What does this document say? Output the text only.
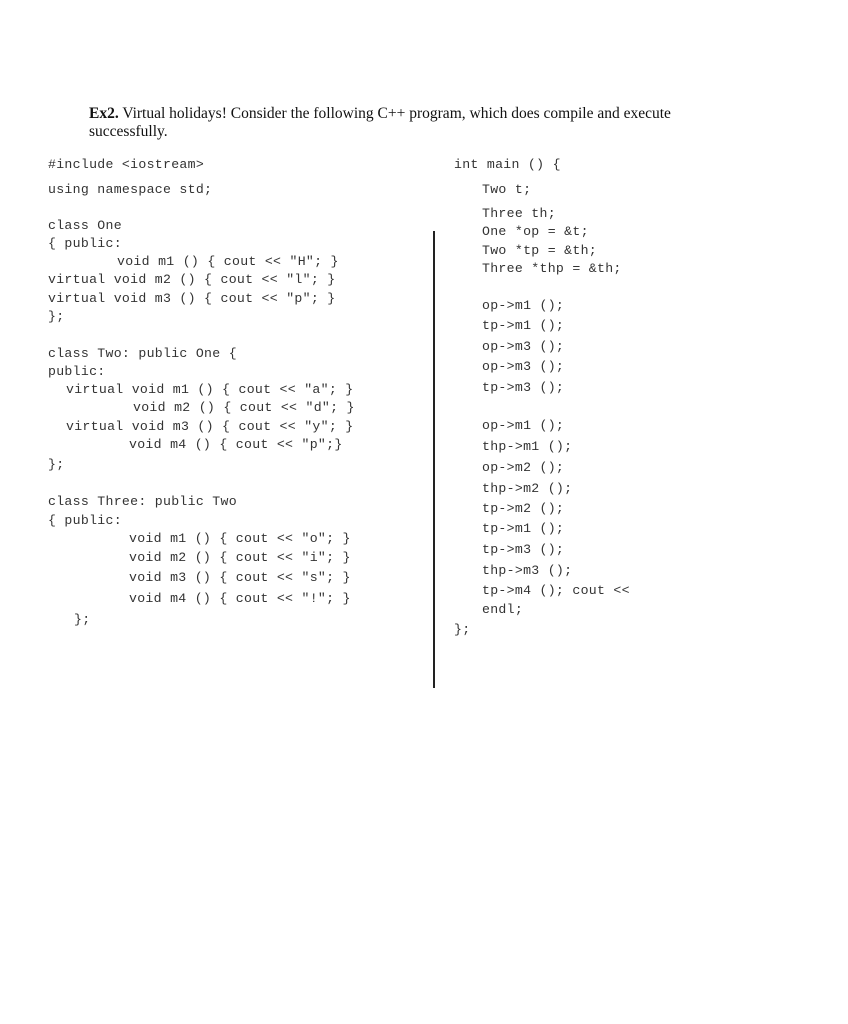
Ex2. Virtual holidays! Consider the following C++ program, which does compile and execute successfully.
#include <iostream>
using namespace std;
class One
{ public:
void m1 () { cout << "H"; }
virtual void m2 () { cout << "l"; }
virtual void m3 () { cout << "p"; }
};
class Two: public One {
public:
virtual void m1 () { cout << "a"; }
void m2 () { cout << "d"; }
virtual void m3 () { cout << "y"; }
void m4 () { cout << "p";}
};
class Three: public Two
{ public:
void m1 () { cout << "o"; }
void m2 () { cout << "i"; }
void m3 () { cout << "s"; }
void m4 () { cout << "!"; }
};
int main () {
Two t;
Three th;
One *op = &t;
Two *tp = &th;
Three *thp = &th;
op->m1 ();
tp->m1 ();
op->m3 ();
op->m3 ();
tp->m3 ();
op->m1 ();
thp->m1 ();
op->m2 ();
thp->m2 ();
tp->m2 ();
tp->m1 ();
tp->m3 ();
thp->m3 ();
tp->m4 (); cout <<
endl;
};
